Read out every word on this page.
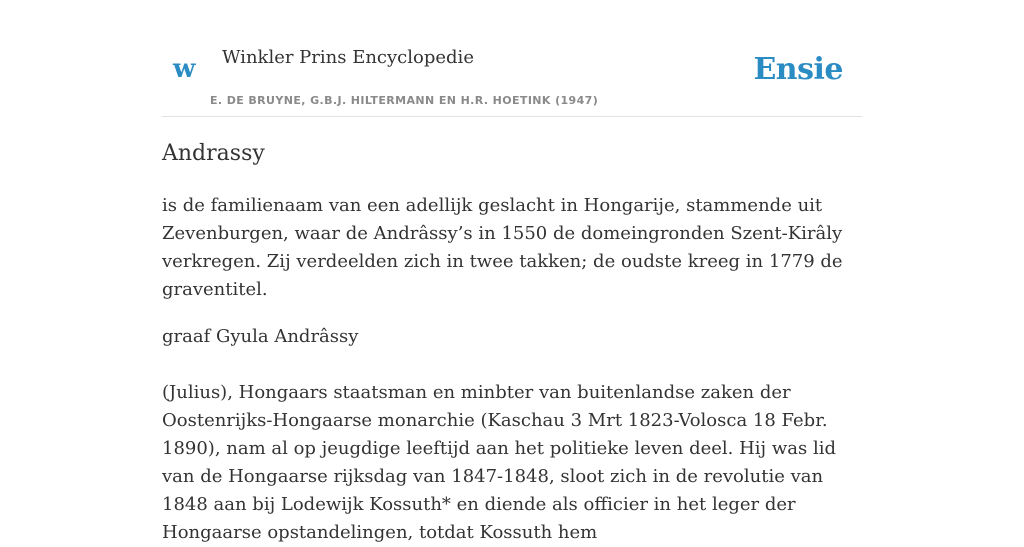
w Winkler Prins Encyclopedie
E. DE BRUYNE, G.B.J. HILTERMANN EN H.R. HOETINK (1947)
Ensie
Andrassy

is de familienaam van een adellijk geslacht in Hongarije, stammende uit Zevenburgen, waar de Andrâssy’s in 1550 de domeingronden Szent-Kirâly verkregen. Zij verdeelden zich in twee takken; de oudste kreeg in 1779 de graventitel.

graaf Gyula Andrâssy

(Julius), Hongaars staatsman en minbter van buitenlandse zaken der Oostenrijks-Hongaarse monarchie (Kaschau 3 Mrt 1823-Volosca 18 Febr. 1890), nam al op jeugdige leeftijd aan het politieke leven deel. Hij was lid van de Hongaarse rijksdag van 1847-1848, sloot zich in de revolutie van 1848 aan bij Lodewijk Kossuth* en diende als officier in het leger der Hongaarse opstandelingen, totdat Kossuth hem
